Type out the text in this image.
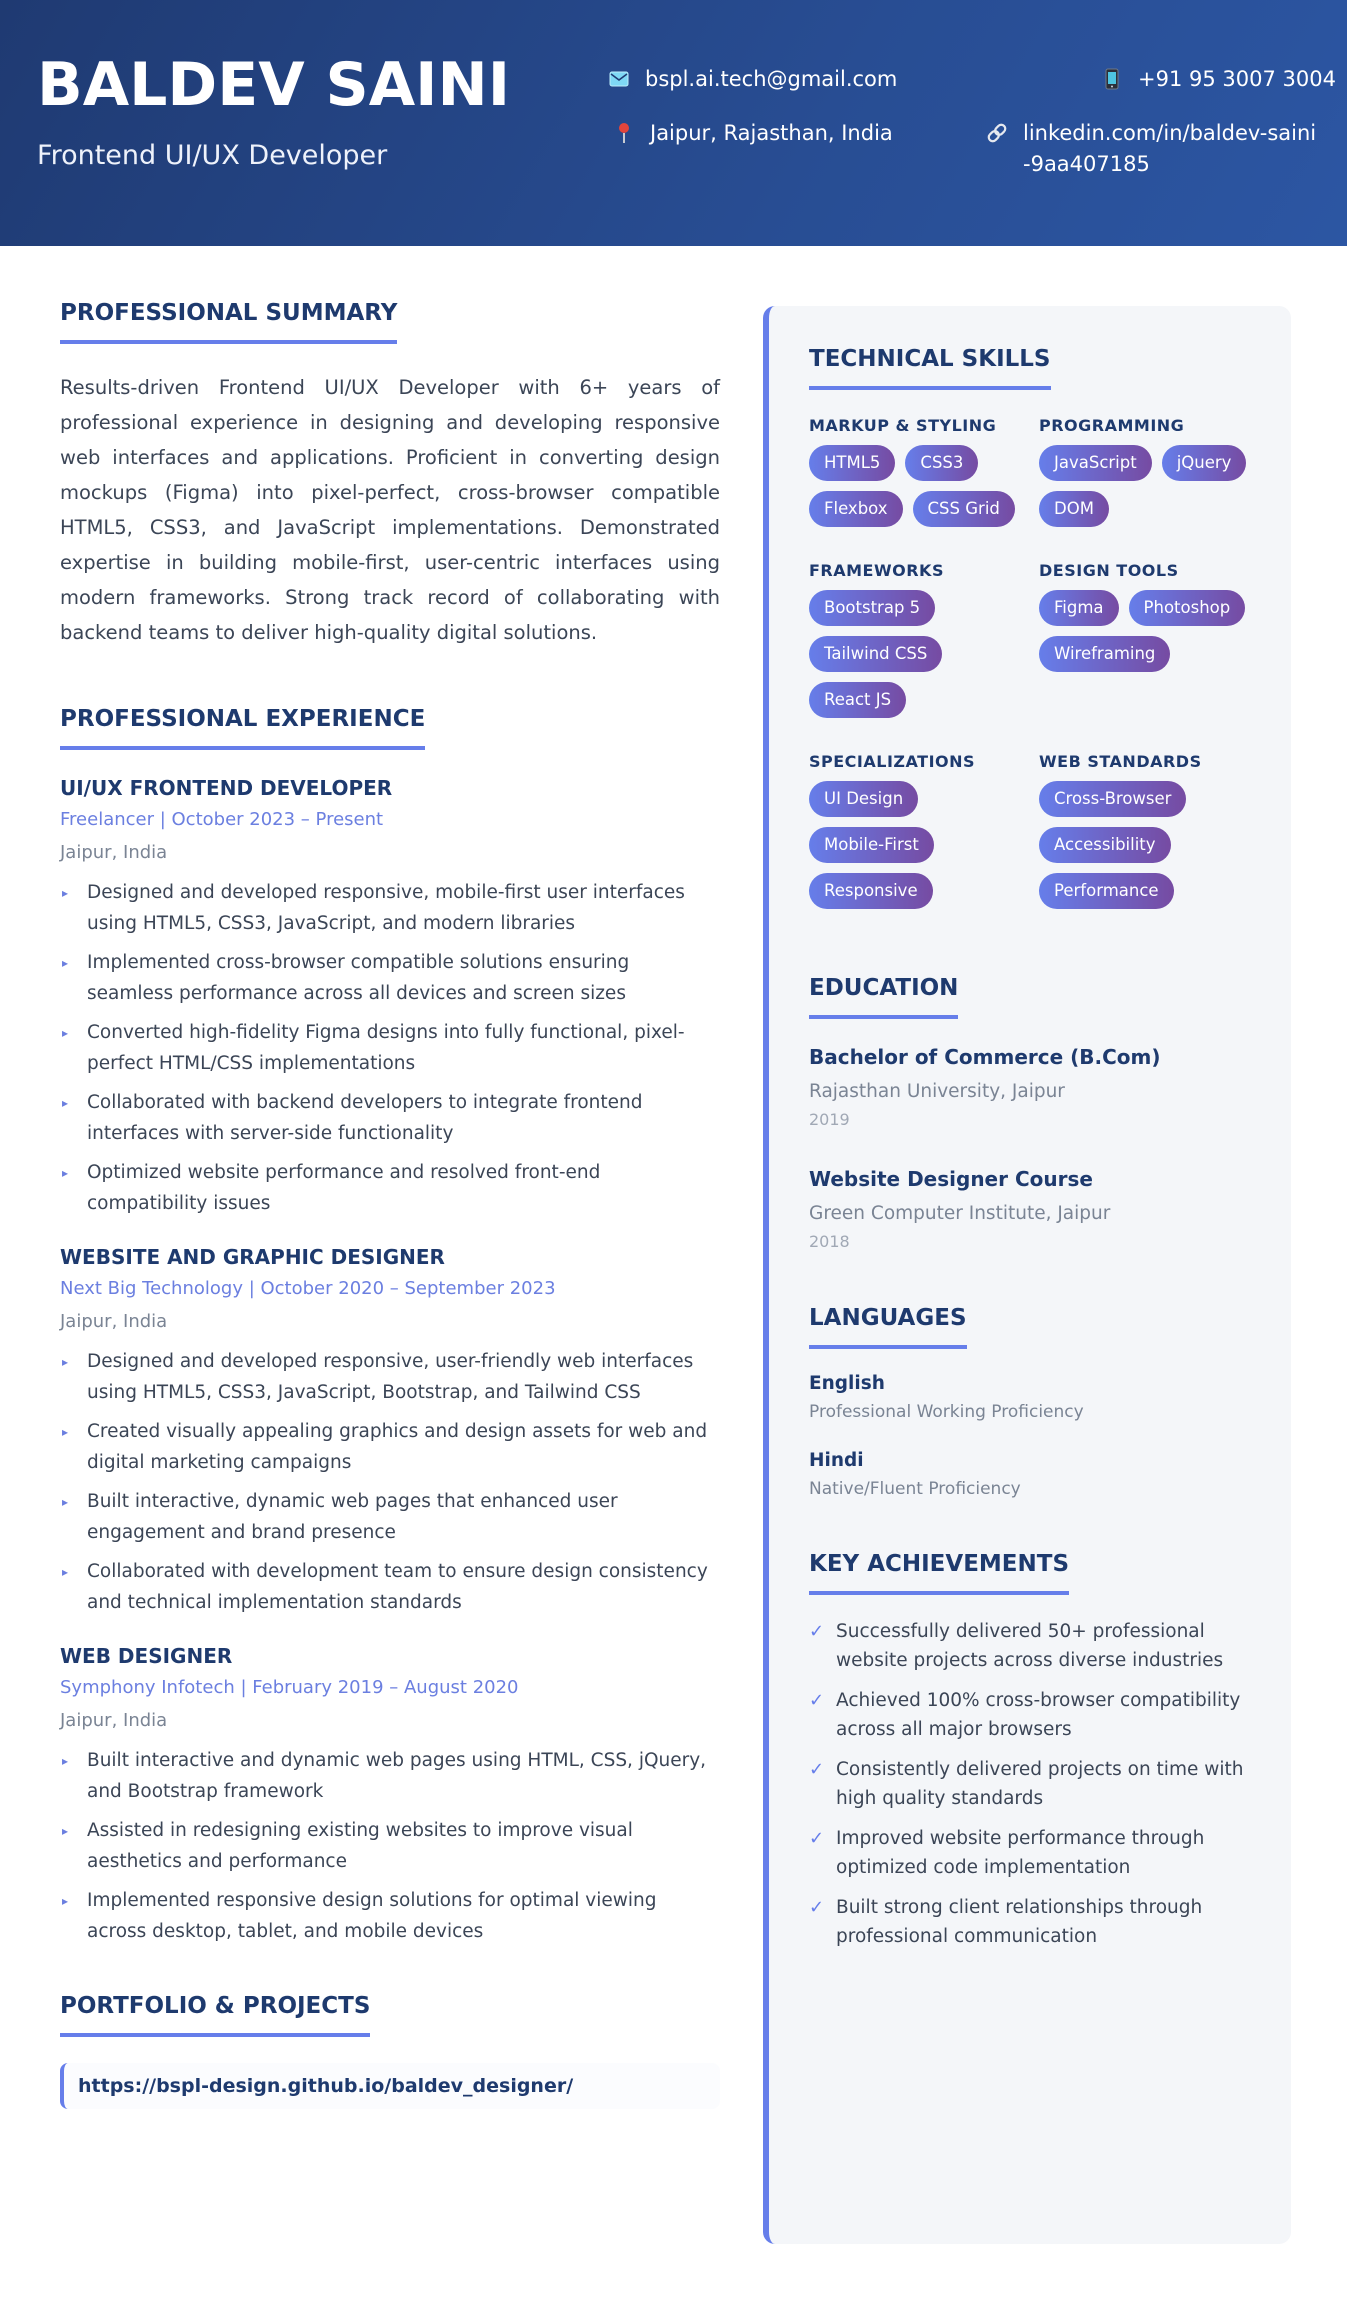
BALDEV SAINI
Frontend UI/UX Developer
bspl.ai.tech@gmail.com	+91 95 3007 3004
Jaipur, Rajasthan, India	linkedin.com/in/baldev-saini-9aa407185
PROFESSIONAL SUMMARY

Results-driven Frontend UI/UX Developer with 6+ years of professional experience in designing and developing responsive web interfaces and applications. Proficient in converting design mockups (Figma) into pixel-perfect, cross-browser compatible HTML5, CSS3, and JavaScript implementations. Demonstrated expertise in building mobile-first, user-centric interfaces using modern frameworks. Strong track record of collaborating with backend teams to deliver high-quality digital solutions.

PROFESSIONAL EXPERIENCE
UI/UX FRONTEND DEVELOPER
Freelancer | October 2023 – Present
Jaipur, India
▸ Designed and developed responsive, mobile-first user interfaces using HTML5, CSS3, JavaScript, and modern libraries
▸ Implemented cross-browser compatible solutions ensuring seamless performance across all devices and screen sizes
▸ Converted high-fidelity Figma designs into fully functional, pixel-perfect HTML/CSS implementations
▸ Collaborated with backend developers to integrate frontend interfaces with server-side functionality
▸ Optimized website performance and resolved front-end compatibility issues
WEBSITE AND GRAPHIC DESIGNER
Next Big Technology | October 2020 – September 2023
Jaipur, India
▸ Designed and developed responsive, user-friendly web interfaces using HTML5, CSS3, JavaScript, Bootstrap, and Tailwind CSS
▸ Created visually appealing graphics and design assets for web and digital marketing campaigns
▸ Built interactive, dynamic web pages that enhanced user engagement and brand presence
▸ Collaborated with development team to ensure design consistency and technical implementation standards
WEB DESIGNER
Symphony Infotech | February 2019 – August 2020
Jaipur, India
▸ Built interactive and dynamic web pages using HTML, CSS, jQuery, and Bootstrap framework
▸ Assisted in redesigning existing websites to improve visual aesthetics and performance
▸ Implemented responsive design solutions for optimal viewing across desktop, tablet, and mobile devices
PORTFOLIO & PROJECTS
https://bspl-design.github.io/baldev_designer/
TECHNICAL SKILLS
MARKUP & STYLING
HTML5	CSS3
Flexbox	CSS Grid
PROGRAMMING
JavaScript	jQuery
DOM
FRAMEWORKS
Bootstrap 5
Tailwind CSS
React JS
DESIGN TOOLS
Figma	Photoshop
Wireframing
SPECIALIZATIONS
UI Design
Mobile-First
Responsive
WEB STANDARDS
Cross-Browser
Accessibility
Performance
EDUCATION
Bachelor of Commerce (B.Com)
Rajasthan University, Jaipur
2019
Website Designer Course
Green Computer Institute, Jaipur
2018
LANGUAGES
English
Professional Working Proficiency
Hindi
Native/Fluent Proficiency
KEY ACHIEVEMENTS
✓ Successfully delivered 50+ professional website projects across diverse industries
✓ Achieved 100% cross-browser compatibility across all major browsers
✓ Consistently delivered projects on time with high quality standards
✓ Improved website performance through optimized code implementation
✓ Built strong client relationships through professional communication
